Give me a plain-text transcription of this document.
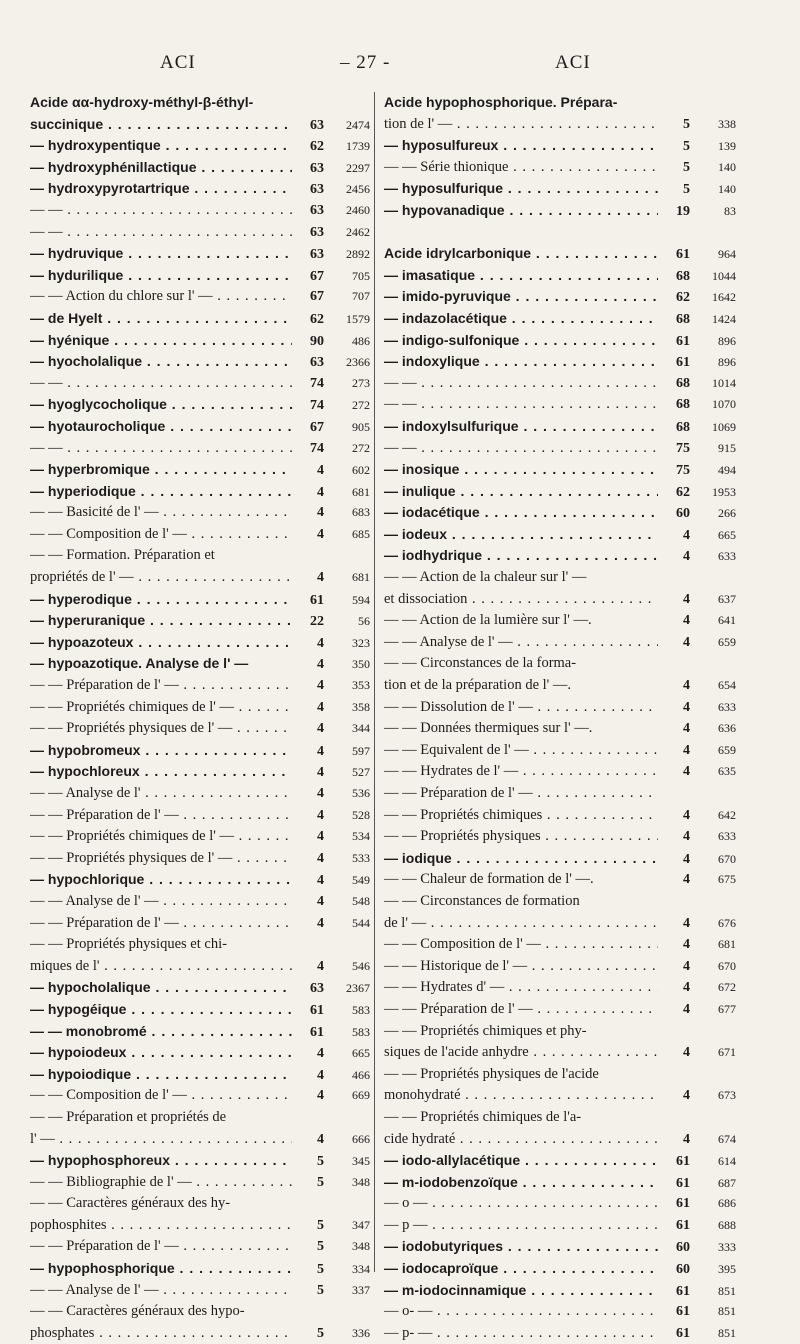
ACI	– 27 -	ACI
Acide αα-hydroxy-méthyl-β-éthyl-
succinique . . .	63	2474
— hydroxypentique . . .	62	1739
— hydroxyphénillactique . . .	63	2297
— hydroxypyrotartrique . . .	63	2456
— — . . .	63	2460
— — . . .	63	2462
— hydruvique . . .	63	2892
— hydurilique . . .	67	705
— — Action du chlore sur l' — . . .	67	707
— de Hyelt . . .	62	1579
— hyénique . . .	90	486
— hyocholalique . . .	63	2366
— — . . .	74	273
— hyoglycocholique . . .	74	272
— hyotaurocholique . . .	67	905
— — . . .	74	272
— hyperbromique . . .	4	602
— hyperiodique . . .	4	681
— — Basicité de l' — . . .	4	683
— — Composition de l' — . . .	4	685
— — Formation. Préparation et
propriétés de l' — . . .	4	681
— hyperodique . . .	61	594
— hyperuranique . . .	22	56
— hypoazoteux . . .	4	323
— hypoazotique. Analyse de l' —	4	350
— — Préparation de l' — . . .	4	353
— — Propriétés chimiques de l' — . . .	4	358
— — Propriétés physiques de l' — . . .	4	344
— hypobromeux . . .	4	597
— hypochloreux . . .	4	527
— — Analyse de l' . . .	4	536
— — Préparation de l' — . . .	4	528
— — Propriétés chimiques de l' — . . .	4	534
— — Propriétés physiques de l' — . . .	4	533
— hypochlorique . . .	4	549
— — Analyse de l' — . . .	4	548
— — Préparation de l' — . . .	4	544
— — Propriétés physiques et chi-
miques de l' . . .	4	546
— hypocholalique . . .	63	2367
— hypogéique . . .	61	583
— — monobromé . . .	61	583
— hypoiodeux . . .	4	665
— hypoiodique . . .	4	466
— — Composition de l' — . . .	4	669
— — Préparation et propriétés de
l' — . . .	4	666
— hypophosphoreux . . .	5	345
— — Bibliographie de l' — . . .	5	348
— — Caractères généraux des hy-
pophosphites . . .	5	347
— — Préparation de l' — . . .	5	348
— hypophosphorique . . .	5	334
— — Analyse de l' — . . .	5	337
— — Caractères généraux des hypo-
phosphates . . .	5	336
Acide hypophosphorique. Prépara-
tion de l' — . . .	5	338
— hyposulfureux . . .	5	139
— — Série thionique . . .	5	140
— hyposulfurique . . .	5	140
— hypovanadique . . .	19	83
Acide idrylcarbonique . . .	61	964
— imasatique . . .	68	1044
— imido-pyruvique . . .	62	1642
— indazolacétique . . .	68	1424
— indigo-sulfonique . . .	61	896
— indoxylique . . .	61	896
— — . . .	68	1014
— — . . .	68	1070
— indoxylsulfurique . . .	68	1069
— — . . .	75	915
— inosique . . .	75	494
— inulique . . .	62	1953
— iodacétique . . .	60	266
— iodeux . . .	4	665
— iodhydrique . . .	4	633
— — Action de la chaleur sur l' —
et dissociation . . .	4	637
— — Action de la lumière sur l' —.	4	641
— — Analyse de l' — . . .	4	659
— — Circonstances de la forma-
tion et de la préparation de l' —.	4	654
— — Dissolution de l' — . . .	4	633
— — Données thermiques sur l' —.	4	636
— — Equivalent de l' — . . .	4	659
— — Hydrates de l' — . . .	4	635
— — Préparation de l' — . . .
— — Propriétés chimiques . . .	4	642
— — Propriétés physiques . . .	4	633
— iodique . . .	4	670
— — Chaleur de formation de l' —.	4	675
— — Circonstances de formation
de l' — . . .	4	676
— — Composition de l' — . . .	4	681
— — Historique de l' — . . .	4	670
— — Hydrates d' — . . .	4	672
— — Préparation de l' — . . .	4	677
— — Propriétés chimiques et phy-
siques de l'acide anhydre . . .	4	671
— — Propriétés physiques de l'acide
monohydraté . . .	4	673
— — Propriétés chimiques de l'a-
cide hydraté . . .	4	674
— iodo-allylacétique . . .	61	614
— m-iodobenzoïque . . .	61	687
— o — . . .	61	686
— p — . . .	61	688
— iodobutyriques . . .	60	333
— iodocaproïque . . .	60	395
— m-iodocinnamique . . .	61	851
— o- — . . .	61	851
— p- — . . .	61	851
